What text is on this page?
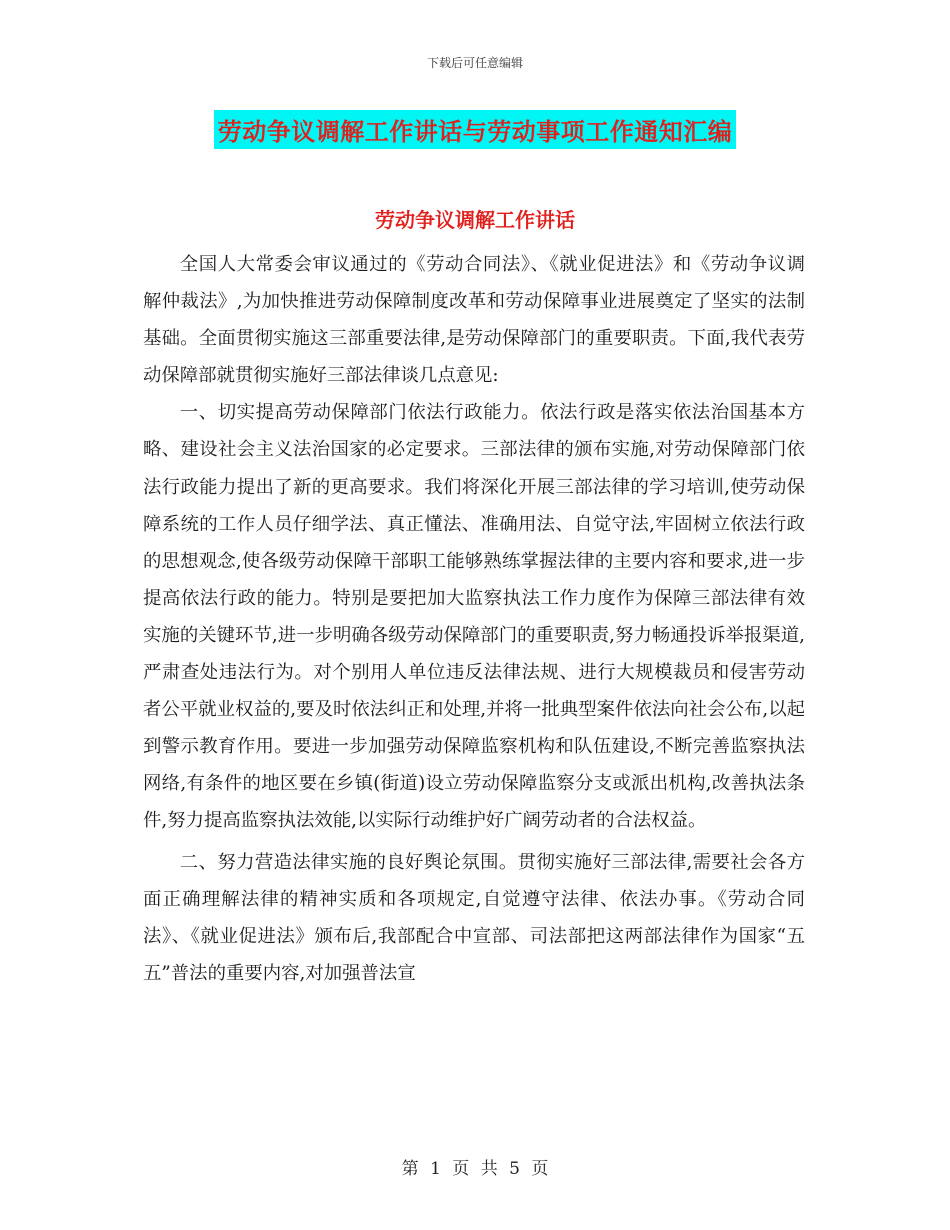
下载后可任意编辑
劳动争议调解工作讲话与劳动事项工作通知汇编
劳动争议调解工作讲话

全国人大常委会审议通过的《劳动合同法》、《就业促进法》和《劳动争议调解仲裁法》,为加快推进劳动保障制度改革和劳动保障事业进展奠定了坚实的法制基础。全面贯彻实施这三部重要法律,是劳动保障部门的重要职责。下面,我代表劳动保障部就贯彻实施好三部法律谈几点意见:

一、切实提高劳动保障部门依法行政能力。依法行政是落实依法治国基本方略、建设社会主义法治国家的必定要求。三部法律的颁布实施,对劳动保障部门依法行政能力提出了新的更高要求。我们将深化开展三部法律的学习培训,使劳动保障系统的工作人员仔细学法、真正懂法、准确用法、自觉守法,牢固树立依法行政的思想观念,使各级劳动保障干部职工能够熟练掌握法律的主要内容和要求,进一步提高依法行政的能力。特别是要把加大监察执法工作力度作为保障三部法律有效实施的关键环节,进一步明确各级劳动保障部门的重要职责,努力畅通投诉举报渠道,严肃查处违法行为。对个别用人单位违反法律法规、进行大规模裁员和侵害劳动者公平就业权益的,要及时依法纠正和处理,并将一批典型案件依法向社会公布,以起到警示教育作用。要进一步加强劳动保障监察机构和队伍建设,不断完善监察执法网络,有条件的地区要在乡镇(街道)设立劳动保障监察分支或派出机构,改善执法条件,努力提高监察执法效能,以实际行动维护好广阔劳动者的合法权益。

二、努力营造法律实施的良好舆论氛围。贯彻实施好三部法律,需要社会各方面正确理解法律的精神实质和各项规定,自觉遵守法律、依法办事。《劳动合同法》、《就业促进法》颁布后,我部配合中宣部、司法部把这两部法律作为国家“五五”普法的重要内容,对加强普法宣

第 1 页 共 5 页
